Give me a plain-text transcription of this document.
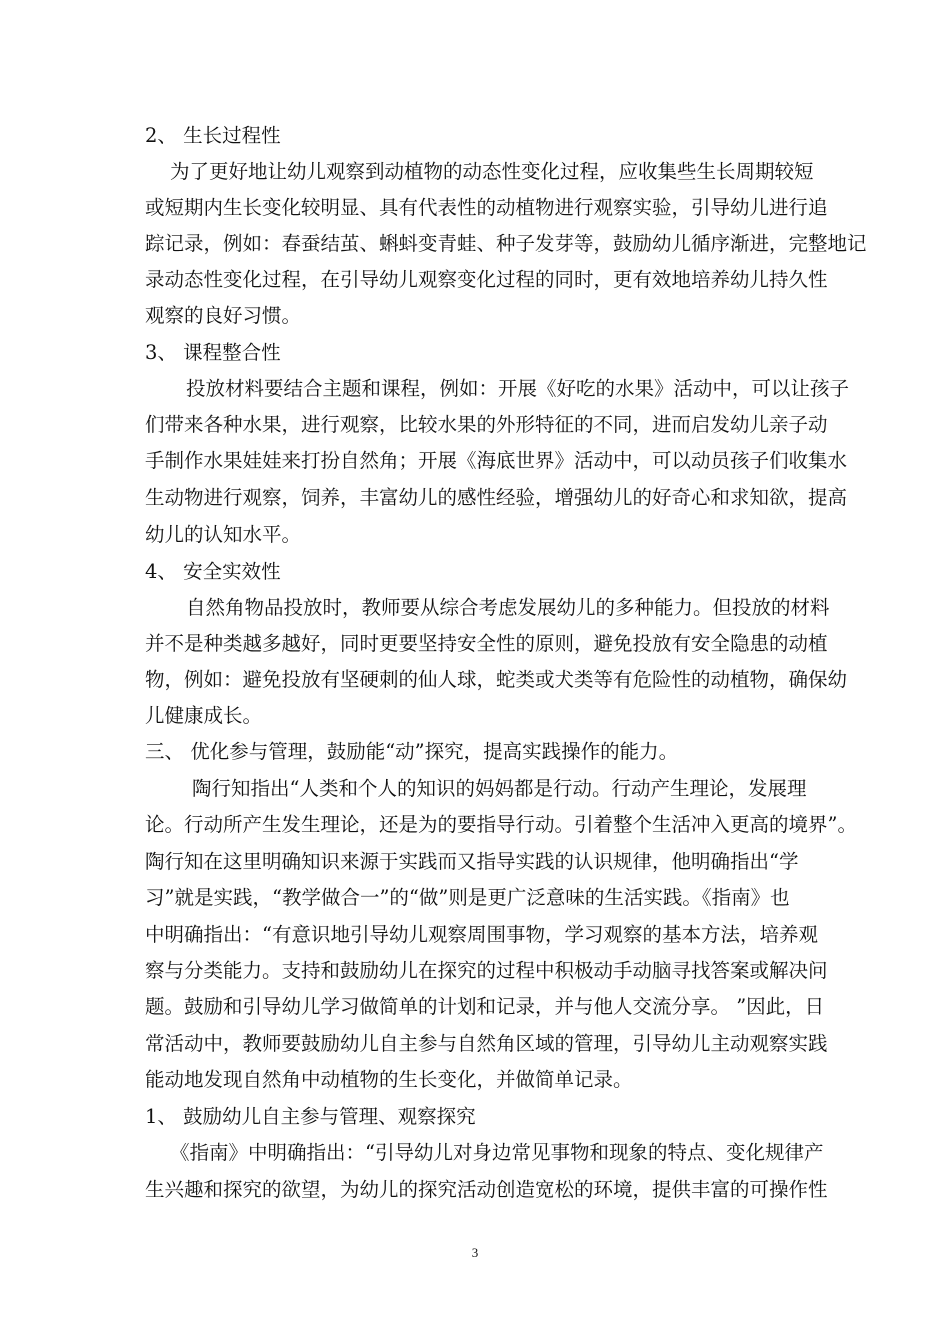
2、 生长过程性
为了更好地让幼儿观察到动植物的动态性变化过程，应收集些生长周期较短
或短期内生长变化较明显、具有代表性的动植物进行观察实验，引导幼儿进行追
踪记录，例如：春蚕结茧、蝌蚪变青蛙、种子发芽等，鼓励幼儿循序渐进，完整地记
录动态性变化过程，在引导幼儿观察变化过程的同时，更有效地培养幼儿持久性
观察的良好习惯。
3、 课程整合性
投放材料要结合主题和课程，例如：开展《好吃的水果》活动中，可以让孩子
们带来各种水果，进行观察，比较水果的外形特征的不同，进而启发幼儿亲子动
手制作水果娃娃来打扮自然角；开展《海底世界》活动中，可以动员孩子们收集水
生动物进行观察，饲养，丰富幼儿的感性经验，增强幼儿的好奇心和求知欲，提高
幼儿的认知水平。
4、 安全实效性
自然角物品投放时，教师要从综合考虑发展幼儿的多种能力。但投放的材料
并不是种类越多越好，同时更要坚持安全性的原则，避免投放有安全隐患的动植
物，例如：避免投放有坚硬刺的仙人球，蛇类或犬类等有危险性的动植物，确保幼
儿健康成长。
三、 优化参与管理，鼓励能“动”探究，提高实践操作的能力。
陶行知指出“人类和个人的知识的妈妈都是行动。行动产生理论，发展理
论。行动所产生发生理论，还是为的要指导行动。引着整个生活冲入更高的境界”。
陶行知在这里明确知识来源于实践而又指导实践的认识规律，他明确指出“学
习”就是实践，“教学做合一”的“做”则是更广泛意味的生活实践。《指南》也
中明确指出：“有意识地引导幼儿观察周围事物，学习观察的基本方法，培养观
察与分类能力。支持和鼓励幼儿在探究的过程中积极动手动脑寻找答案或解决问
题。鼓励和引导幼儿学习做简单的计划和记录，并与他人交流分享。 ”因此，日
常活动中，教师要鼓励幼儿自主参与自然角区域的管理，引导幼儿主动观察实践
能动地发现自然角中动植物的生长变化，并做简单记录。
1、 鼓励幼儿自主参与管理、观察探究
《指南》中明确指出：“引导幼儿对身边常见事物和现象的特点、变化规律产
生兴趣和探究的欲望，为幼儿的探究活动创造宽松的环境，提供丰富的可操作性
3
